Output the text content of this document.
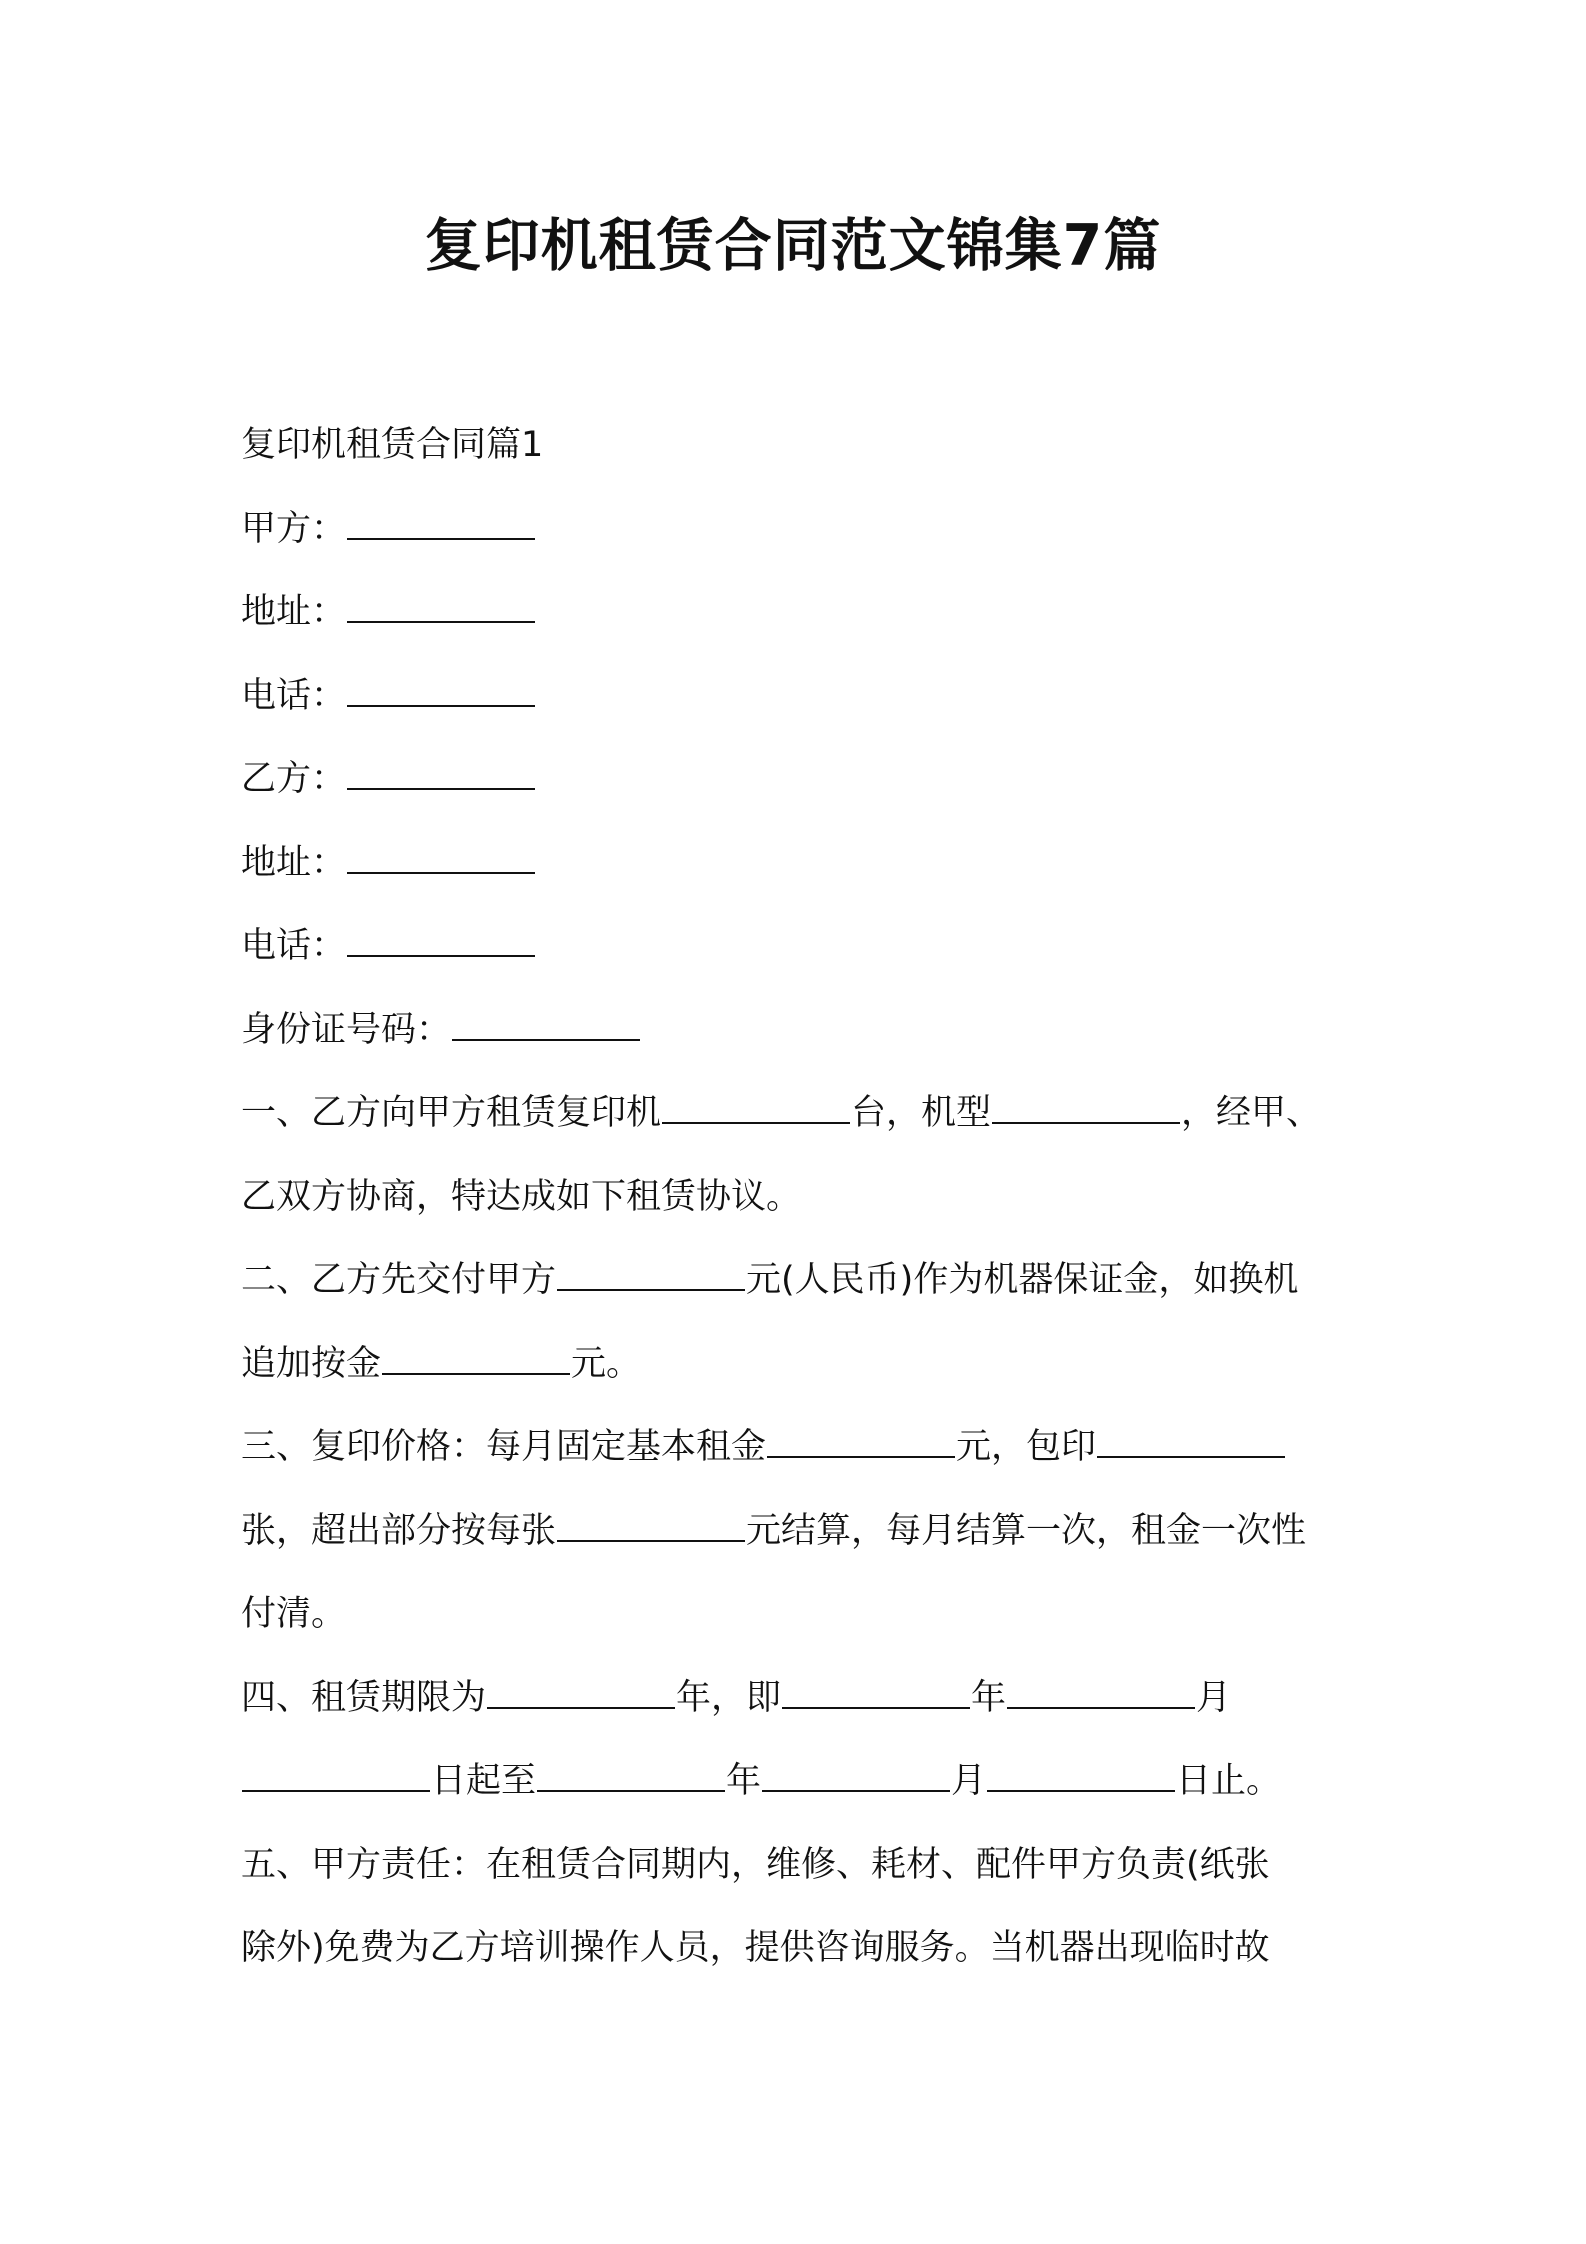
复印机租赁合同范文锦集7篇
复印机租赁合同篇1
甲方：
地址：
电话：
乙方：
地址：
电话：
身份证号码：
一、乙方向甲方租赁复印机	台，机型	，经甲、
乙双方协商，特达成如下租赁协议。
二、乙方先交付甲方	元(人民币)作为机器保证金，如换机
追加按金	元。
三、复印价格：每月固定基本租金	元，包印
张，超出部分按每张	元结算，每月结算一次，租金一次性
付清。
四、租赁期限为	年，即	年	月
日起至	年	月	日止。
五、甲方责任：在租赁合同期内，维修、耗材、配件甲方负责(纸张
除外)免费为乙方培训操作人员，提供咨询服务。当机器出现临时故
